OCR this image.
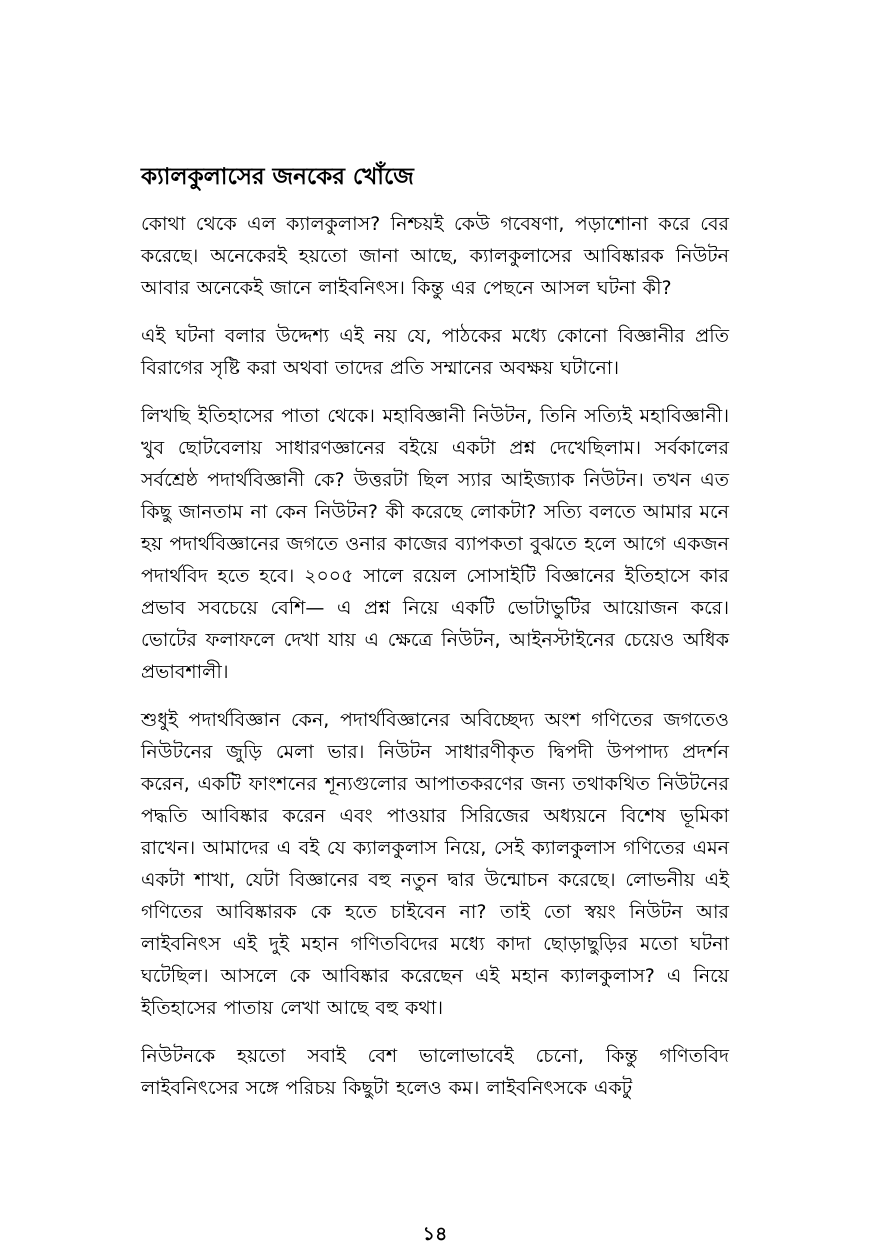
ক্যালকুলাসের জনকের খোঁজে

কোথা থেকে এল ক্যালকুলাস? নিশ্চয়ই কেউ গবেষণা, পড়াশোনা করে বের করেছে। অনেকেরই হয়তো জানা আছে, ক্যালকুলাসের আবিষ্কারক নিউটন আবার অনেকেই জানে লাইবনিৎস। কিন্তু এর পেছনে আসল ঘটনা কী?

এই ঘটনা বলার উদ্দেশ্য এই নয় যে, পাঠকের মধ্যে কোনো বিজ্ঞানীর প্রতি বিরাগের সৃষ্টি করা অথবা তাদের প্রতি সম্মানের অবক্ষয় ঘটানো।

লিখছি ইতিহাসের পাতা থেকে। মহাবিজ্ঞানী নিউটন, তিনি সত্যিই মহাবিজ্ঞানী। খুব ছোটবেলায় সাধারণজ্ঞানের বইয়ে একটা প্রশ্ন দেখেছিলাম। সর্বকালের সর্বশ্রেষ্ঠ পদার্থবিজ্ঞানী কে? উত্তরটা ছিল স্যার আইজ্যাক নিউটন। তখন এত কিছু জানতাম না কেন নিউটন? কী করেছে লোকটা? সত্যি বলতে আমার মনে হয় পদার্থবিজ্ঞানের জগতে ওনার কাজের ব্যাপকতা বুঝতে হলে আগে একজন পদার্থবিদ হতে হবে। ২০০৫ সালে রয়েল সোসাইটি বিজ্ঞানের ইতিহাসে কার প্রভাব সবচেয়ে বেশি— এ প্রশ্ন নিয়ে একটি ভোটাভুটির আয়োজন করে। ভোটের ফলাফলে দেখা যায় এ ক্ষেত্রে নিউটন, আইনস্টাইনের চেয়েও অধিক প্রভাবশালী।

শুধুই পদার্থবিজ্ঞান কেন, পদার্থবিজ্ঞানের অবিচ্ছেদ্য অংশ গণিতের জগতেও নিউটনের জুড়ি মেলা ভার। নিউটন সাধারণীকৃত দ্বিপদী উপপাদ্য প্রদর্শন করেন, একটি ফাংশনের শূন্যগুলোর আপাতকরণের জন্য তথাকথিত নিউটনের পদ্ধতি আবিষ্কার করেন এবং পাওয়ার সিরিজের অধ্যয়নে বিশেষ ভূমিকা রাখেন। আমাদের এ বই যে ক্যালকুলাস নিয়ে, সেই ক্যালকুলাস গণিতের এমন একটা শাখা, যেটা বিজ্ঞানের বহু নতুন দ্বার উন্মোচন করেছে। লোভনীয় এই গণিতের আবিষ্কারক কে হতে চাইবেন না? তাই তো স্বয়ং নিউটন আর লাইবনিৎস এই দুই মহান গণিতবিদের মধ্যে কাদা ছোড়াছুড়ির মতো ঘটনা ঘটেছিল। আসলে কে আবিষ্কার করেছেন এই মহান ক্যালকুলাস? এ নিয়ে ইতিহাসের পাতায় লেখা আছে বহু কথা।

নিউটনকে হয়তো সবাই বেশ ভালোভাবেই চেনো, কিন্তু গণিতবিদ লাইবনিৎসের সঙ্গে পরিচয় কিছুটা হলেও কম। লাইবনিৎসকে একটু

১৪
